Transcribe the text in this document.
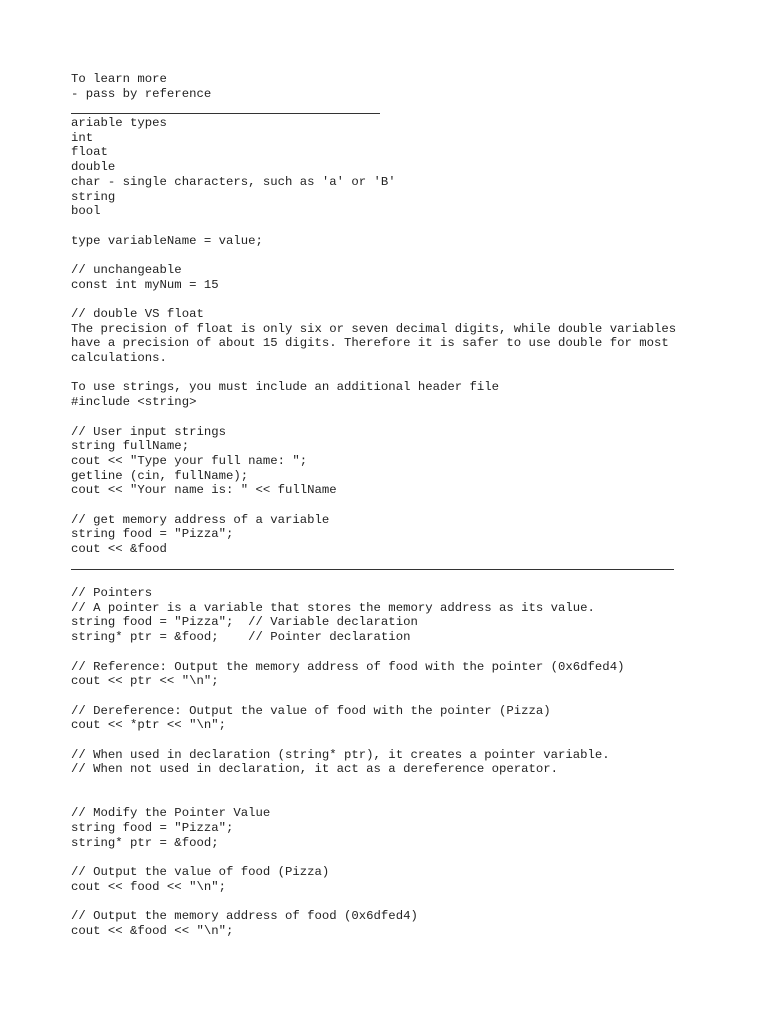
To learn more
- pass by reference
ariable types
int
float
double
char - single characters, such as 'a' or 'B'
string
bool
type variableName = value;
// unchangeable
const int myNum = 15
// double VS float
The precision of float is only six or seven decimal digits, while double variables
have a precision of about 15 digits. Therefore it is safer to use double for most
calculations.
To use strings, you must include an additional header file
#include <string>
// User input strings
string fullName;
cout << "Type your full name: ";
getline (cin, fullName);
cout << "Your name is: " << fullName
// get memory address of a variable
string food = "Pizza";
cout << &food
// Pointers
// A pointer is a variable that stores the memory address as its value.
string food = "Pizza";  // Variable declaration
string* ptr = &food;    // Pointer declaration
// Reference: Output the memory address of food with the pointer (0x6dfed4)
cout << ptr << "\n";
// Dereference: Output the value of food with the pointer (Pizza)
cout << *ptr << "\n";
// When used in declaration (string* ptr), it creates a pointer variable.
// When not used in declaration, it act as a dereference operator.
// Modify the Pointer Value
string food = "Pizza";
string* ptr = &food;
// Output the value of food (Pizza)
cout << food << "\n";
// Output the memory address of food (0x6dfed4)
cout << &food << "\n";
